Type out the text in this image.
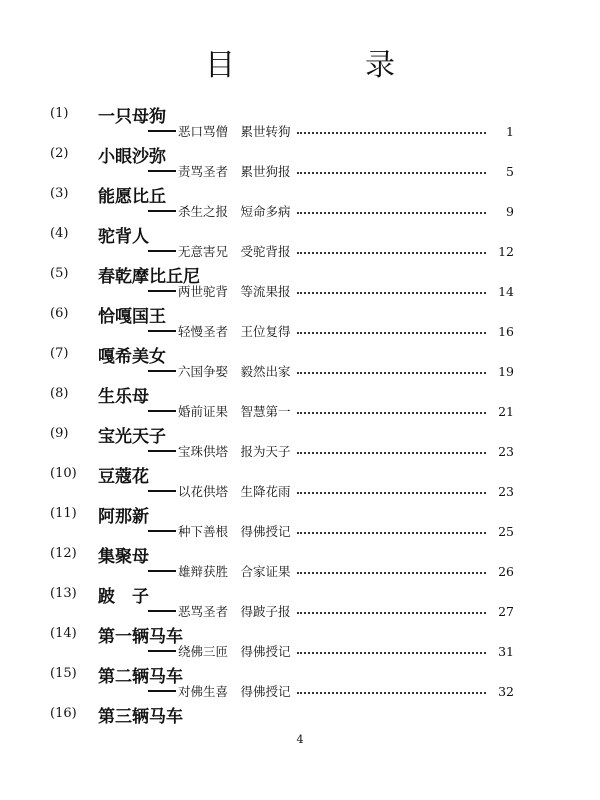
目　录
(1)	一只母狗
恶口骂僧　累世转狗	1
(2)	小眼沙弥
责骂圣者　累世狗报	5
(3)	能愿比丘
杀生之报　短命多病	9
(4)	驼背人
无意害兄　受驼背报	12
(5)	春乾摩比丘尼
两世驼背　等流果报	14
(6)	恰嘎国王
轻慢圣者　王位复得	16
(7)	嘎希美女
六国争娶　毅然出家	19
(8)	生乐母
婚前证果　智慧第一	21
(9)	宝光天子
宝珠供塔　报为天子	23
(10)	豆蔻花
以花供塔　生降花雨	23
(11)	阿那新
种下善根　得佛授记	25
(12)	集聚母
雄辩获胜　合家证果	26
(13)	跛　子
恶骂圣者　得跛子报	27
(14)	第一辆马车
绕佛三匝　得佛授记	31
(15)	第二辆马车
对佛生喜　得佛授记	32
(16)	第三辆马车
4
